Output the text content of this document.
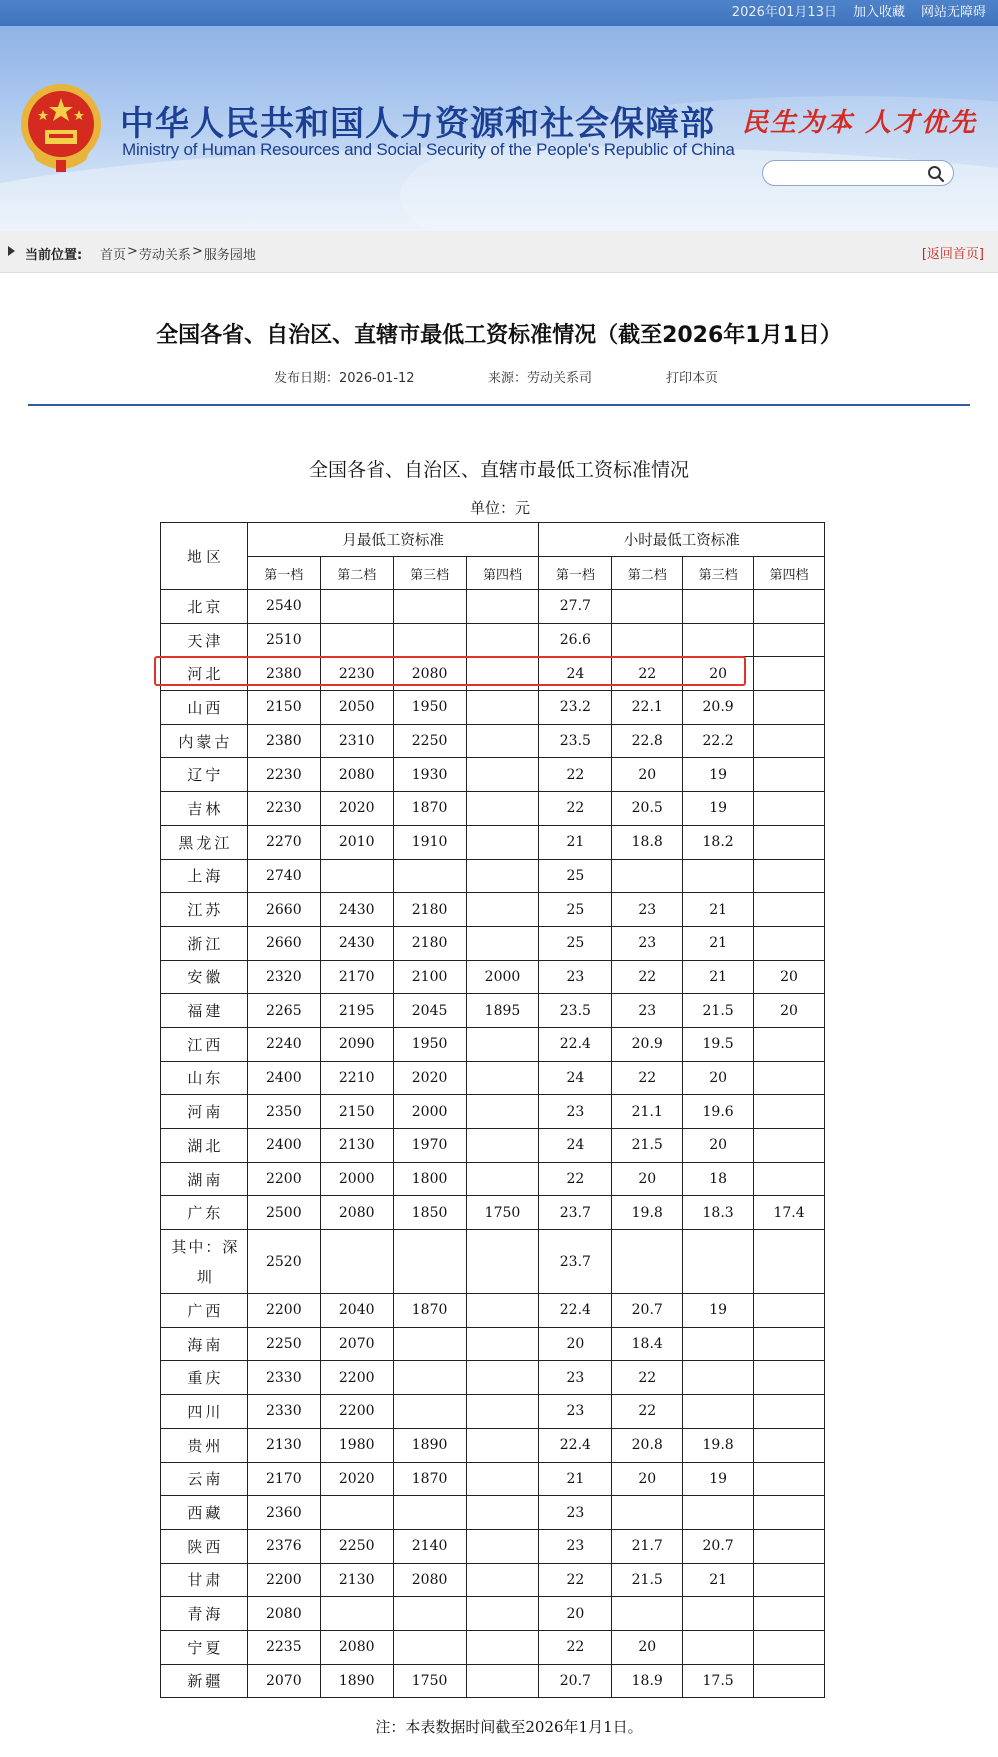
2026年01月13日 加入收藏 网站无障碍
中华人民共和国人力资源和社会保障部
Ministry of Human Resources and Social Security of the People's Republic of China
民生为本 人才优先
当前位置: 首页 > 劳动关系 > 服务园地	[返回首页]
全国各省、自治区、直辖市最低工资标准情况（截至2026年1月1日）
发布日期：2026-01-12	来源：劳动关系司	打印本页
全国各省、自治区、直辖市最低工资标准情况
单位：元
地 区	月最低工资标准				小时最低工资标准			
	第一档	第二档	第三档	第四档	第一档	第二档	第三档	第四档
北京	2540				27.7			
天津	2510				26.6			
河北	2380	2230	2080		24	22	20	
山西	2150	2050	1950		23.2	22.1	20.9	
内蒙古	2380	2310	2250		23.5	22.8	22.2	
辽宁	2230	2080	1930		22	20	19	
吉林	2230	2020	1870		22	20.5	19	
黑龙江	2270	2010	1910		21	18.8	18.2	
上海	2740				25			
江苏	2660	2430	2180		25	23	21	
浙江	2660	2430	2180		25	23	21	
安徽	2320	2170	2100	2000	23	22	21	20
福建	2265	2195	2045	1895	23.5	23	21.5	20
江西	2240	2090	1950		22.4	20.9	19.5	
山东	2400	2210	2020		24	22	20	
河南	2350	2150	2000		23	21.1	19.6	
湖北	2400	2130	1970		24	21.5	20	
湖南	2200	2000	1800		22	20	18	
广东	2500	2080	1850	1750	23.7	19.8	18.3	17.4
其中：深圳	2520				23.7			
广西	2200	2040	1870		22.4	20.7	19	
海南	2250	2070			20	18.4		
重庆	2330	2200			23	22		
四川	2330	2200			23	22		
贵州	2130	1980	1890		22.4	20.8	19.8	
云南	2170	2020	1870		21	20	19	
西藏	2360				23			
陕西	2376	2250	2140		23	21.7	20.7	
甘肃	2200	2130	2080		22	21.5	21	
青海	2080				20			
宁夏	2235	2080			22	20		
新疆	2070	1890	1750		20.7	18.9	17.5	
注：本表数据时间截至2026年1月1日。
